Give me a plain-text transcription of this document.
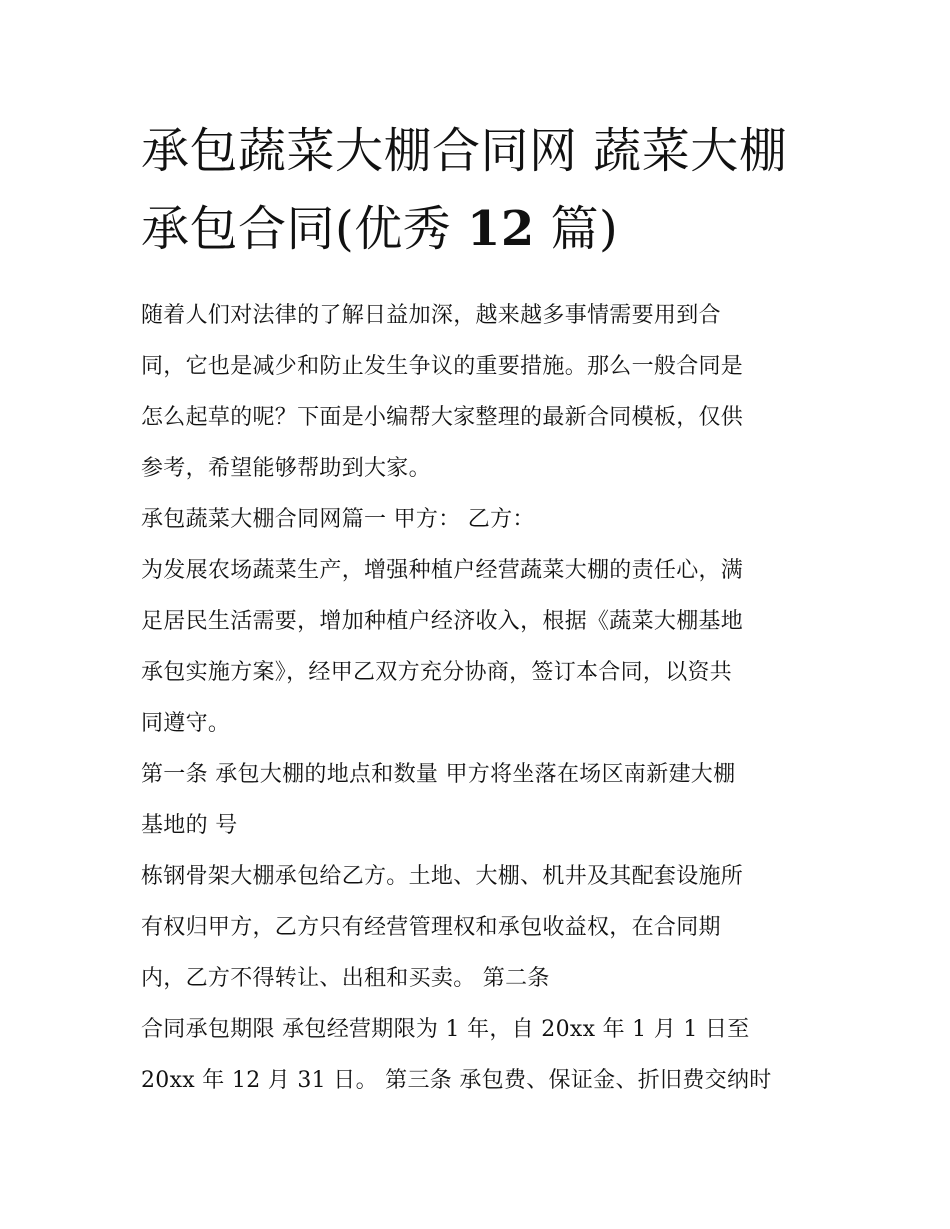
承包蔬菜大棚合同网 蔬菜大棚
承包合同(优秀 12 篇)

随着人们对法律的了解日益加深，越来越多事情需要用到合

同，它也是减少和防止发生争议的重要措施。那么一般合同是

怎么起草的呢？下面是小编帮大家整理的最新合同模板，仅供

参考，希望能够帮助到大家。

承包蔬菜大棚合同网篇一 甲方： 乙方：

为发展农场蔬菜生产，增强种植户经营蔬菜大棚的责任心，满

足居民生活需要，增加种植户经济收入，根据《蔬菜大棚基地

承包实施方案》，经甲乙双方充分协商，签订本合同，以资共

同遵守。

第一条 承包大棚的地点和数量 甲方将坐落在场区南新建大棚

基地的 号

栋钢骨架大棚承包给乙方。土地、大棚、机井及其配套设施所

有权归甲方，乙方只有经营管理权和承包收益权，在合同期

内，乙方不得转让、出租和买卖。 第二条

合同承包期限 承包经营期限为 1 年，自 20xx 年 1 月 1 日至

20xx 年 12 月 31 日。 第三条 承包费、保证金、折旧费交纳时
